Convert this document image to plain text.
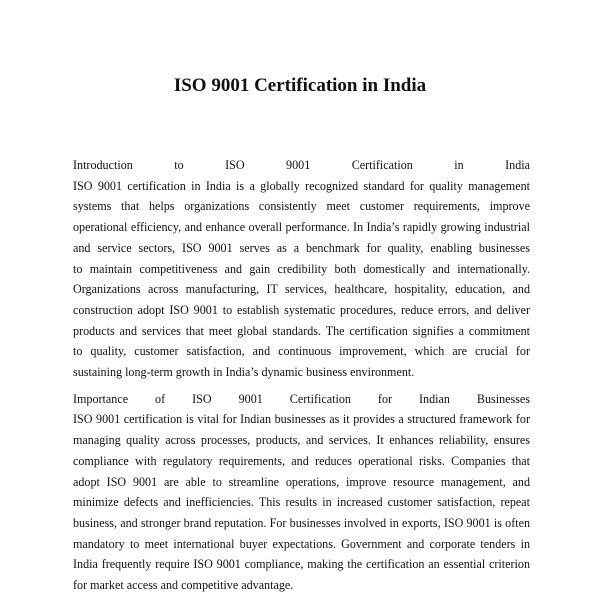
ISO 9001 Certification in India

Introduction to ISO 9001 Certification in India
ISO 9001 certification in India is a globally recognized standard for quality management
systems that helps organizations consistently meet customer requirements, improve
operational efficiency, and enhance overall performance. In India’s rapidly growing industrial
and service sectors, ISO 9001 serves as a benchmark for quality, enabling businesses
to maintain competitiveness and gain credibility both domestically and internationally.
Organizations across manufacturing, IT services, healthcare, hospitality, education, and
construction adopt ISO 9001 to establish systematic procedures, reduce errors, and deliver
products and services that meet global standards. The certification signifies a commitment
to quality, customer satisfaction, and continuous improvement, which are crucial for
sustaining long-term growth in India’s dynamic business environment.

Importance of ISO 9001 Certification for Indian Businesses
ISO 9001 certification is vital for Indian businesses as it provides a structured framework for
managing quality across processes, products, and services. It enhances reliability, ensures
compliance with regulatory requirements, and reduces operational risks. Companies that
adopt ISO 9001 are able to streamline operations, improve resource management, and
minimize defects and inefficiencies. This results in increased customer satisfaction, repeat
business, and stronger brand reputation. For businesses involved in exports, ISO 9001 is often
mandatory to meet international buyer expectations. Government and corporate tenders in
India frequently require ISO 9001 compliance, making the certification an essential criterion
for market access and competitive advantage.
